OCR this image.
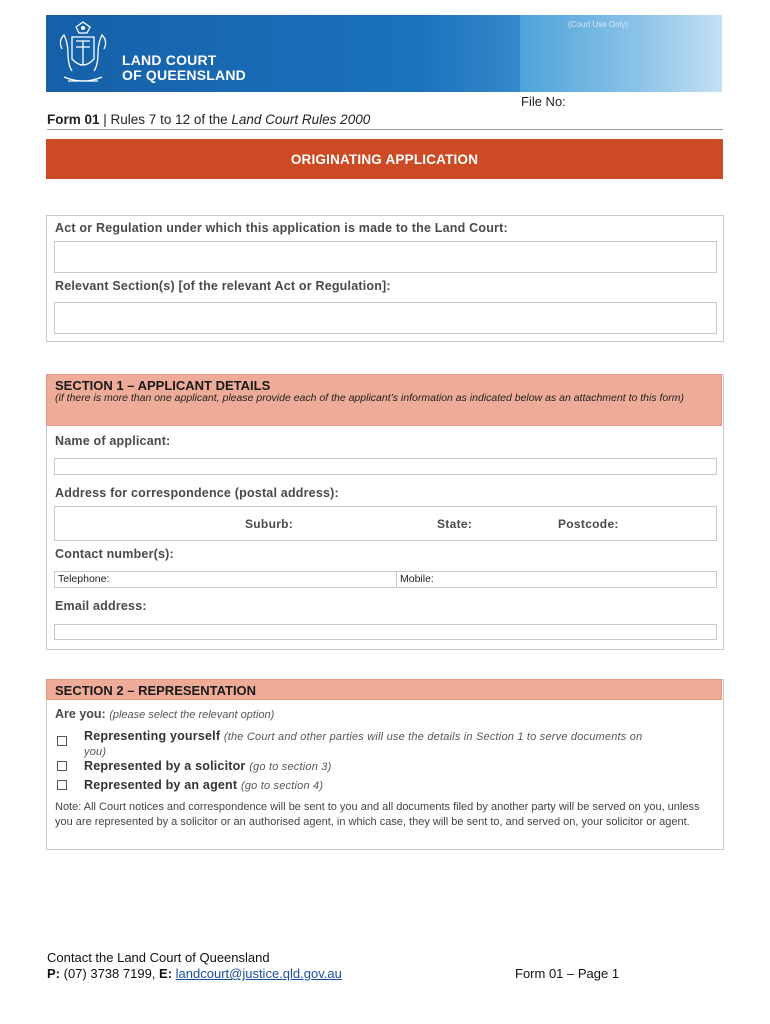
(Court Use Only)
LAND COURT
OF QUEENSLAND
File No:
Form 01 | Rules 7 to 12 of the Land Court Rules 2000
ORIGINATING APPLICATION
Act or Regulation under which this application is made to the Land Court:
Relevant Section(s) [of the relevant Act or Regulation]:
SECTION 1 – APPLICANT DETAILS
(if there is more than one applicant, please provide each of the applicant’s information as indicated below as an attachment to this form)
Name of applicant:
Address for correspondence (postal address):
Suburb:	State:	Postcode:
Contact number(s):
Telephone:	Mobile:
Email address:
SECTION 2 – REPRESENTATION
Are you: (please select the relevant option)
Representing yourself (the Court and other parties will use the details in Section 1 to serve documents on
you)
Represented by a solicitor (go to section 3)
Represented by an agent (go to section 4)
Note: All Court notices and correspondence will be sent to you and all documents filed by another party will be served on you, unless you are represented by a solicitor or an authorised agent, in which case, they will be sent to, and served on, your solicitor or agent.
Contact the Land Court of Queensland
P: (07) 3738 7199, E: landcourt@justice.qld.gov.au	Form 01 – Page 1
